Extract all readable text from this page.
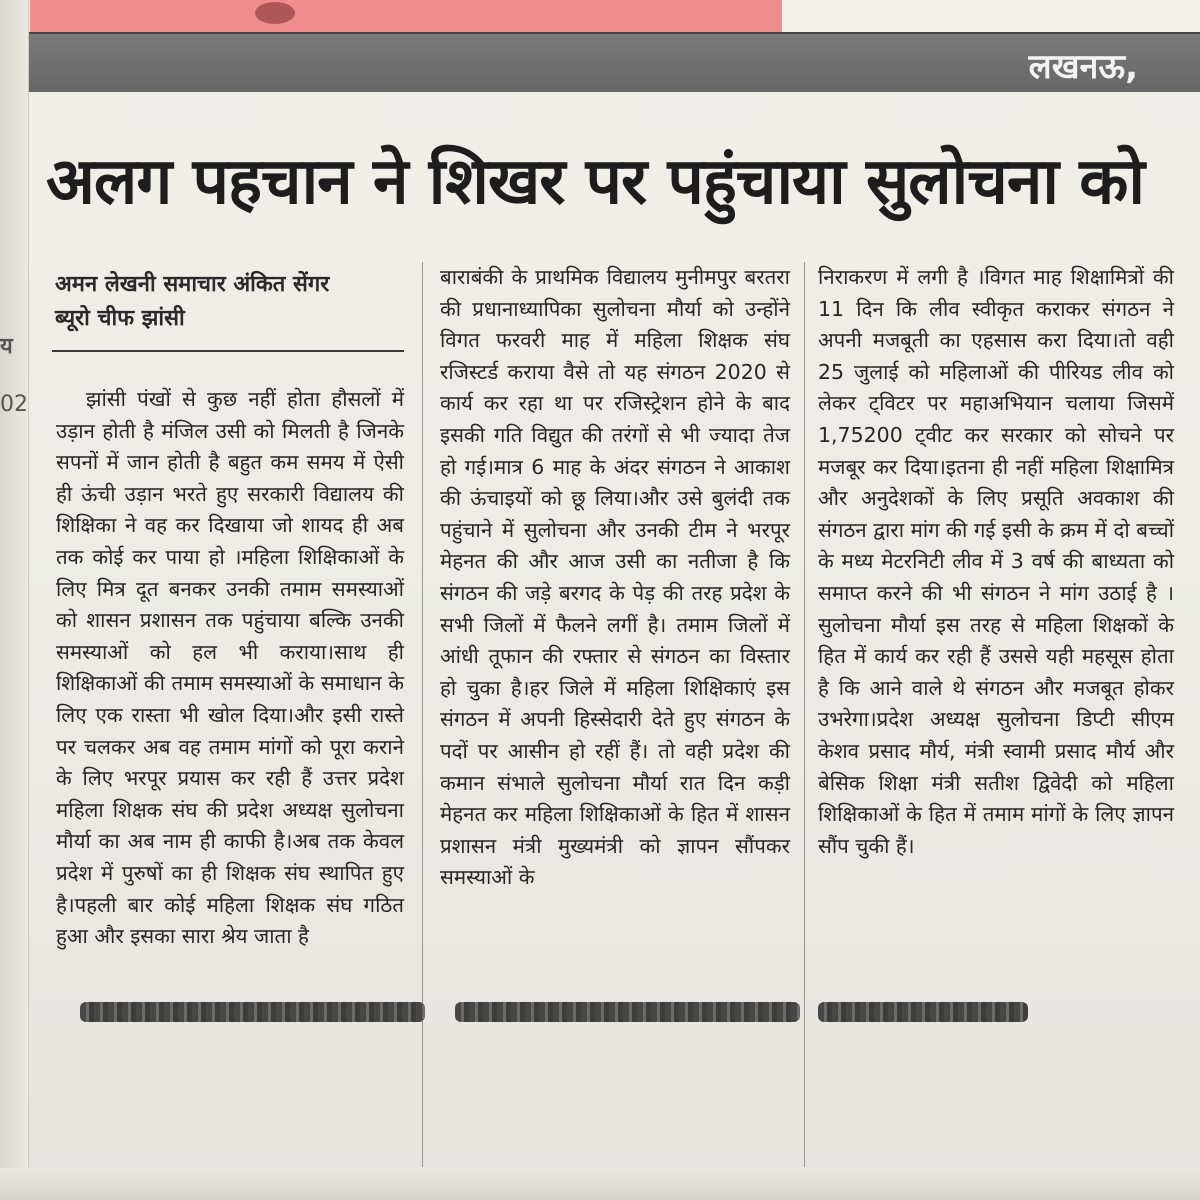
लखनऊ,
य
02
अलग पहचान ने शिखर पर पहुंचाया सुलोचना को
अमन लेखनी समाचार अंकित सेंगर
ब्यूरो चीफ झांसी

झांसी पंखों से कुछ नहीं होता हौसलों में उड़ान होती है मंजिल उसी को मिलती है जिनके सपनों में जान होती है बहुत कम समय में ऐसी ही ऊंची उड़ान भरते हुए सरकारी विद्यालय की शिक्षिका ने वह कर दिखाया जो शायद ही अब तक कोई कर पाया हो ।महिला शिक्षिकाओं के लिए मित्र दूत बनकर उनकी तमाम समस्याओं को शासन प्रशासन तक पहुंचाया बल्कि उनकी समस्याओं को हल भी कराया।साथ ही शिक्षिकाओं की तमाम समस्याओं के समाधान के लिए एक रास्ता भी खोल दिया।और इसी रास्ते पर चलकर अब वह तमाम मांगों को पूरा कराने के लिए भरपूर प्रयास कर रही हैं उत्तर प्रदेश महिला शिक्षक संघ की प्रदेश अध्यक्ष सुलोचना मौर्या का अब नाम ही काफी है।अब तक केवल प्रदेश में पुरुषों का ही शिक्षक संघ स्थापित हुए है।पहली बार कोई महिला शिक्षक संघ गठित हुआ और इसका सारा श्रेय जाता है

बाराबंकी के प्राथमिक विद्यालय मुनीमपुर बरतरा की प्रधानाध्यापिका सुलोचना मौर्या को उन्होंने विगत फरवरी माह में महिला शिक्षक संघ रजिस्टर्ड कराया वैसे तो यह संगठन 2020 से कार्य कर रहा था पर रजिस्ट्रेशन होने के बाद इसकी गति विद्युत की तरंगों से भी ज्यादा तेज हो गई।मात्र 6 माह के अंदर संगठन ने आकाश की ऊंचाइयों को छू लिया।और उसे बुलंदी तक पहुंचाने में सुलोचना और उनकी टीम ने भरपूर मेहनत की और आज उसी का नतीजा है कि संगठन की जड़े बरगद के पेड़ की तरह प्रदेश के सभी जिलों में फैलने लगीं है। तमाम जिलों में आंधी तूफान की रफ्तार से संगठन का विस्तार हो चुका है।हर जिले में महिला शिक्षिकाएं इस संगठन में अपनी हिस्सेदारी देते हुए संगठन के पदों पर आसीन हो रहीं हैं। तो वही प्रदेश की कमान संभाले सुलोचना मौर्या रात दिन कड़ी मेहनत कर महिला शिक्षिकाओं के हित में शासन प्रशासन मंत्री मुख्यमंत्री को ज्ञापन सौंपकर समस्याओं के

निराकरण में लगी है ।विगत माह शिक्षामित्रों की 11 दिन कि लीव स्वीकृत कराकर संगठन ने अपनी मजबूती का एहसास करा दिया।तो वही 25 जुलाई को महिलाओं की पीरियड लीव को लेकर ट्विटर पर महाअभियान चलाया जिसमें 1,75200 ट्वीट कर सरकार को सोचने पर मजबूर कर दिया।इतना ही नहीं महिला शिक्षामित्र और अनुदेशकों के लिए प्रसूति अवकाश की संगठन द्वारा मांग की गई इसी के क्रम में दो बच्चों के मध्य मेटरनिटी लीव में 3 वर्ष की बाध्यता को समाप्त करने की भी संगठन ने मांग उठाई है ।सुलोचना मौर्या इस तरह से महिला शिक्षकों के हित में कार्य कर रही हैं उससे यही महसूस होता है कि आने वाले थे संगठन और मजबूत होकर उभरेगा।प्रदेश अध्यक्ष सुलोचना डिप्टी सीएम केशव प्रसाद मौर्य, मंत्री स्वामी प्रसाद मौर्य और बेसिक शिक्षा मंत्री सतीश द्विवेदी को महिला शिक्षिकाओं के हित में तमाम मांगों के लिए ज्ञापन सौंप चुकी हैं।
